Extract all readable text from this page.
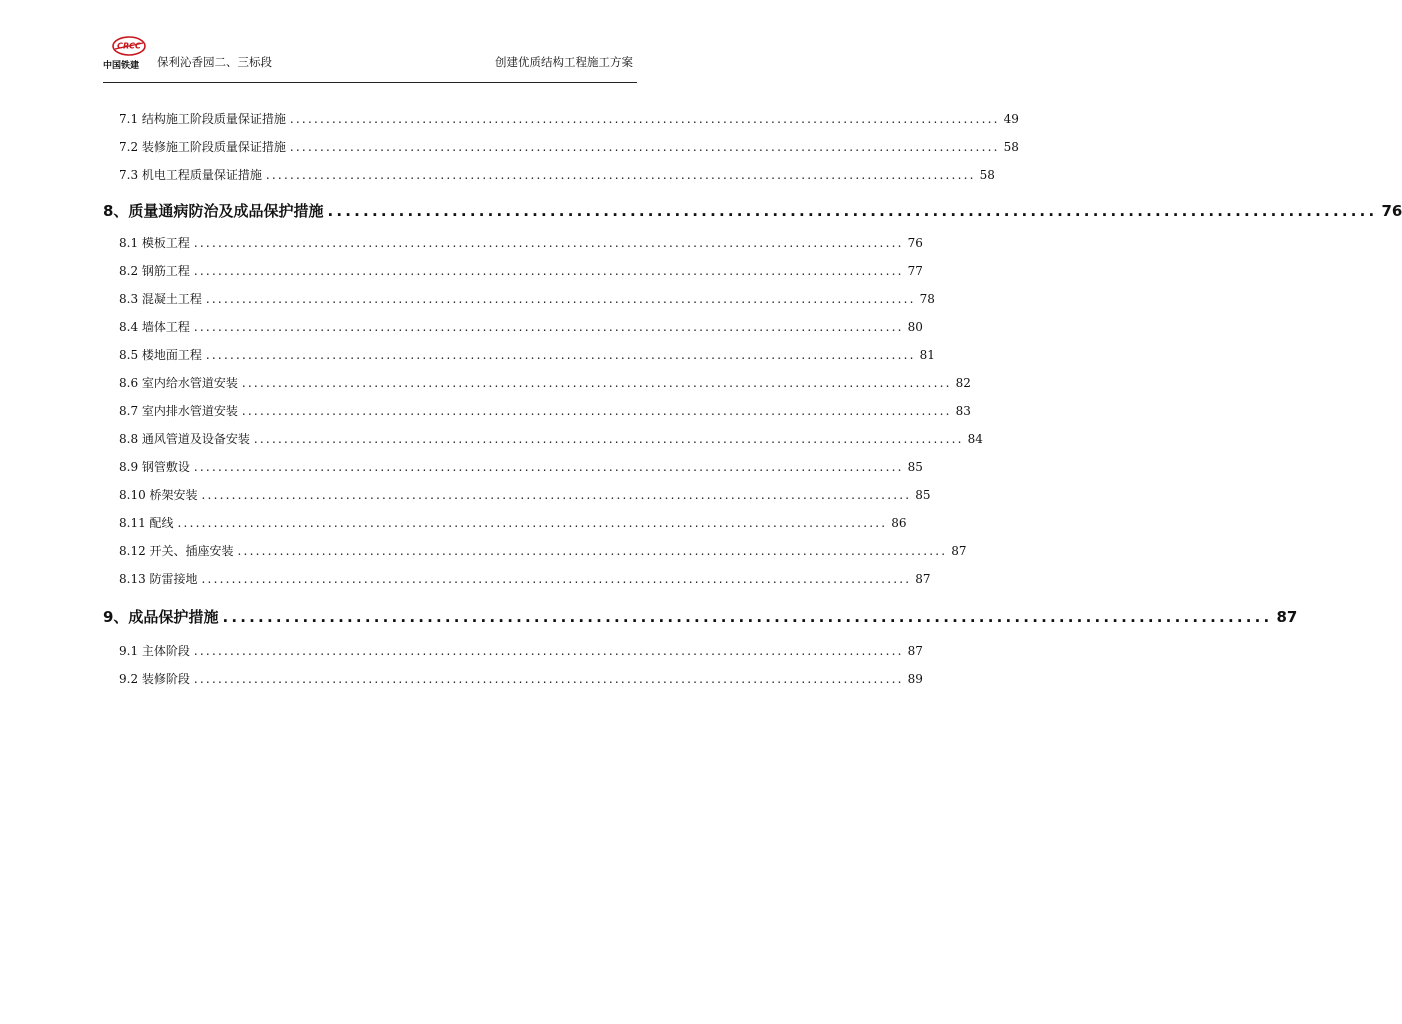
CRCC
中国铁建	保利沁香园二、三标段	创建优质结构工程施工方案
7.1 结构施工阶段质量保证措施 ...................................................................................................................... 49
7.2 装修施工阶段质量保证措施 ...................................................................................................................... 58
7.3 机电工程质量保证措施 ...................................................................................................................... 58
8、质量通病防治及成品保护措施 ...................................................................................................................... 76
8.1 模板工程 ...................................................................................................................... 76
8.2 钢筋工程 ...................................................................................................................... 77
8.3 混凝土工程 ...................................................................................................................... 78
8.4 墙体工程 ...................................................................................................................... 80
8.5 楼地面工程 ...................................................................................................................... 81
8.6 室内给水管道安装 ...................................................................................................................... 82
8.7 室内排水管道安装 ...................................................................................................................... 83
8.8 通风管道及设备安装 ...................................................................................................................... 84
8.9 钢管敷设 ...................................................................................................................... 85
8.10 桥架安装 ...................................................................................................................... 85
8.11 配线 ...................................................................................................................... 86
8.12 开关、插座安装 ...................................................................................................................... 87
8.13 防雷接地 ...................................................................................................................... 87
9、成品保护措施 ...................................................................................................................... 87
9.1 主体阶段 ...................................................................................................................... 87
9.2 装修阶段 ...................................................................................................................... 89
